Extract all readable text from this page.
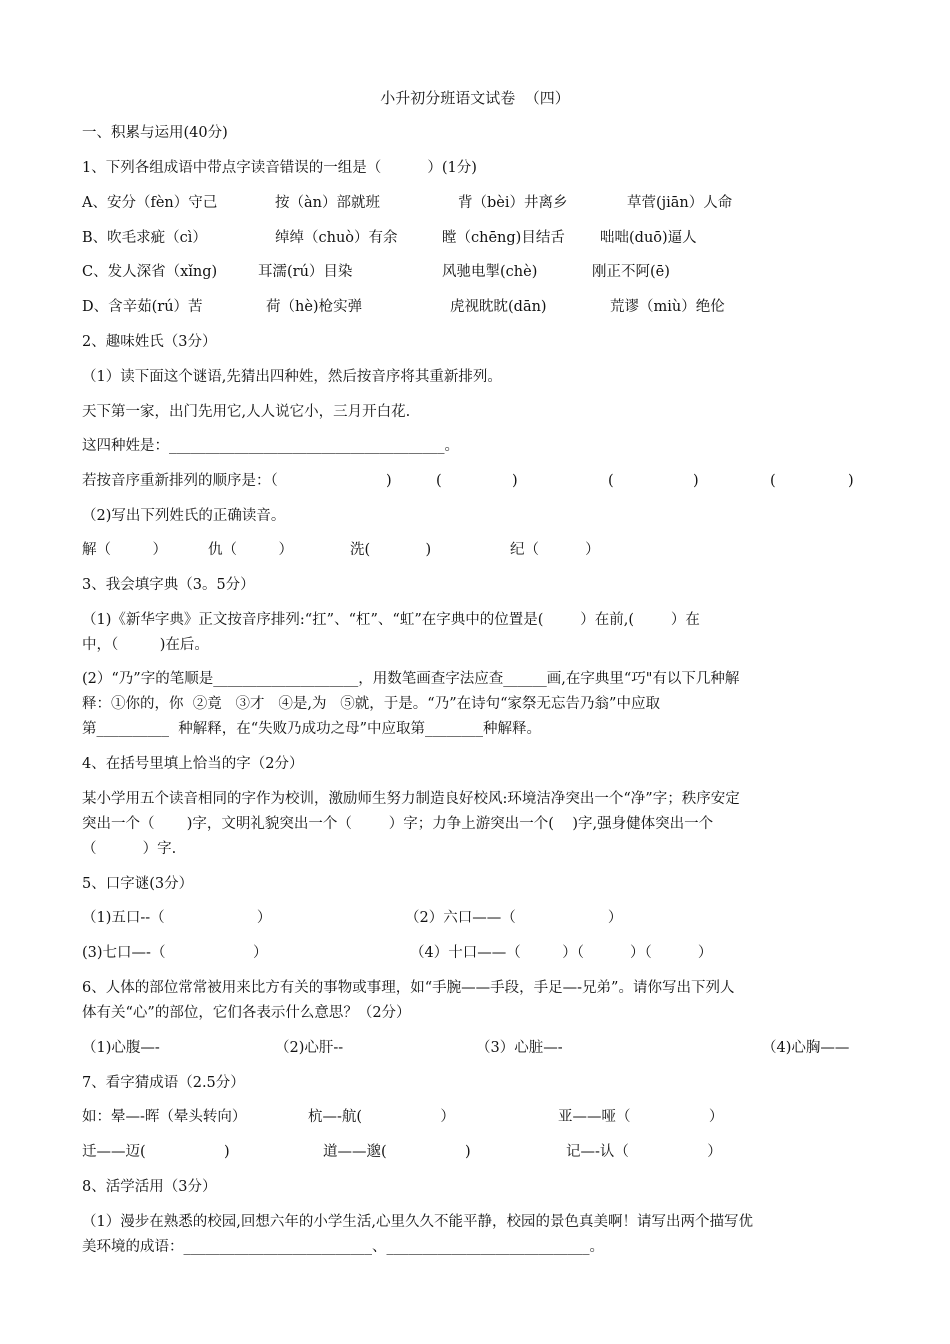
小升初分班语文试卷  （四）
一、积累与运用(40分)
1、下列各组成语中带点字读音错误的一组是（          ）(1分)
A、安分（fèn）守己	按（àn）部就班	背（bèi）井离乡	草菅(jiān）人命
B、吹毛求疵（cì）	绰绰（chuò）有余	瞠（chēng)目结舌 咄咄(duō)逼人
C、发人深省（xǐng)	耳濡(rú）目染	风驰电掣(chè)	刚正不阿(ē)
D、含辛茹(rú）苦	荷（hè)枪实弹	虎视眈眈(dān)	荒谬（miù）绝伦
2、趣味姓氏（3分）
（1）读下面这个谜语,先猜出四种姓，然后按音序将其重新排列。
天下第一家，出门先用它,人人说它小，三月开白花.
这四种姓是：______________________________________。
若按音序重新排列的顺序是：（	)	(	)	(	)	(	)
（2)写出下列姓氏的正确读音。
解（         ）	仇（         ）	洗(            )	纪（          ）
3、我会填字典（3。5分）
（1)《新华字典》正文按音序排列:“扛”、“杠”、“虹”在字典中的位置是(        ）在前,(        ）在
中，（         )在后。
(2）“乃”字的笔顺是____________________，用数笔画查字法应查______画,在字典里“巧"有以下几种解
释：①你的，你  ②竟   ③才   ④是,为   ⑤就，于是。“乃”在诗句“家祭无忘告乃翁”中应取
第__________  种解释，在“失败乃成功之母”中应取第________种解释。
4、在括号里填上恰当的字（2分）
某小学用五个读音相同的字作为校训，激励师生努力制造良好校风:环境洁净突出一个“净”字；秩序安定
突出一个（       )字，文明礼貌突出一个（        ）字；力争上游突出一个(    )字,强身健体突出一个
（          ）字.
5、口字谜(3分）
（1)五口--（                    ）	（2）六口——（                    ）
(3)七口—-（                   ）	（4）十口——（         ）（          ）（          ）
6、人体的部位常常被用来比方有关的事物或事理，如“手腕——手段，手足—-兄弟”。请你写出下列人
体有关“心”的部位，它们各表示什么意思？（2分）
（1)心腹—-	（2)心肝--	（3）心脏—-	（4)心胸——
7、看字猜成语（2.5分）
如：晕—-晖（晕头转向）	杭—-航(                 ）	亚——哑（                 ）
迁——迈(                 )	道——邈(                 )	记—-认（                 ）
8、活学活用（3分）
（1）漫步在熟悉的校园,回想六年的小学生活,心里久久不能平静，校园的景色真美啊！请写出两个描写优
美环境的成语：__________________________、____________________________。
